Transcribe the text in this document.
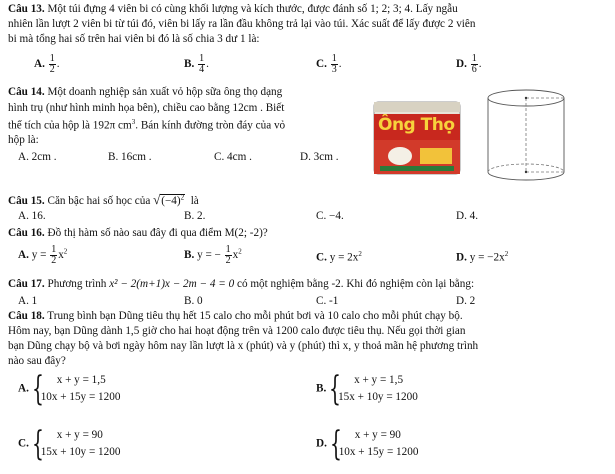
Câu 13. Một túi đựng 4 viên bi có cùng khối lượng và kích thước, được đánh số 1; 2; 3; 4. Lấy ngẫu
nhiên lần lượt 2 viên bi từ túi đó, viên bi lấy ra lần đầu không trả lại vào túi. Xác suất để lấy được 2 viên
bi mà tổng hai số trên hai viên bi đó là số chia 3 dư 1 là:
A. $\frac{1}{2}$ .	B. $\frac{1}{4}$ .	C. $\frac{1}{3}$ .	D. $\frac{1}{6}$ .
Câu 14. Một doanh nghiệp sản xuất vỏ hộp sữa ông thọ dạng
hình trụ (như hình minh họa bên), chiều cao bằng 12cm . Biết
thể tích của hộp là 192π $cm^3$. Bán kính đường tròn đáy của vỏ
hộp là:
A. 2cm .	B. 16cm .	C. 4cm .	D. 3cm .
Ông Thọ
Câu 15. Căn bậc hai số học của $√(-4)^2$ là
A. 16.	B. 2.	C. −4.	D. 4.
Câu 16. Đồ thị hàm số nào sau đây đi qua điểm M(2; -2)?
A. $y = \frac{1}{2} x^2$	B. y = − $\frac{1}{2} x^2$
C. $y = 2x^2$	D. $y = -2x^2$
Câu 17. Phương trình x² − 2(m+1)x − 2m − 4 = 0 có một nghiệm bằng -2. Khi đó nghiệm còn lại bằng:
A. 1	B. 0	C. -1	D. 2
Câu 18. Trung bình bạn Dũng tiêu thụ hết 15 calo cho mỗi phút bơi và 10 calo cho mỗi phút chạy bộ.
Hôm nay, bạn Dũng dành 1,5 giờ cho hai hoạt động trên và 1200 calo được tiêu thụ. Nếu gọi thời gian
bạn Dũng chạy bộ và bơi ngày hôm nay lần lượt là x (phút) và y (phút) thì x, y thoả mãn hệ phương trình
nào sau đây?
A. {	x + y = 1,5
10x + 15y = 1200
B. {	x + y = 1,5
15x + 10y = 1200
C. {	x + y = 90
15x + 10y = 1200
D. {	x + y = 90
10x + 15y = 1200
